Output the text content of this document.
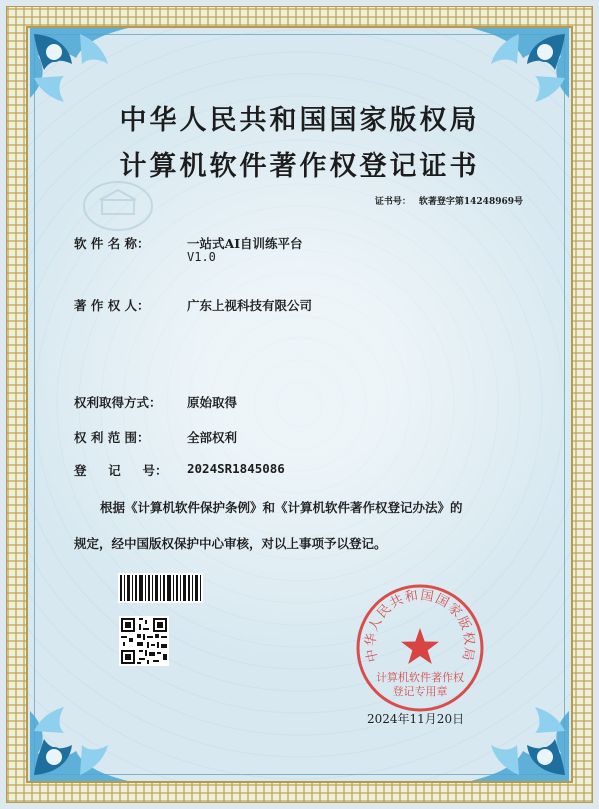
中华人民共和国国家版权局
计算机软件著作权登记证书
证书号： 软著登字第14248969号
软 件 名 称：	一站式AI自训练平台
V1.0
著 作 权 人：	广东上视科技有限公司
权利取得方式： 原始取得
权 利 范 围：	全部权利
登     记     号： 2024SR1845086
根据《计算机软件保护条例》和《计算机软件著作权登记办法》的
规定，经中国版权保护中心审核，对以上事项予以登记。
中华人民共和国国家版权局
计算机软件著作权
登记专用章
2024年11月20日
